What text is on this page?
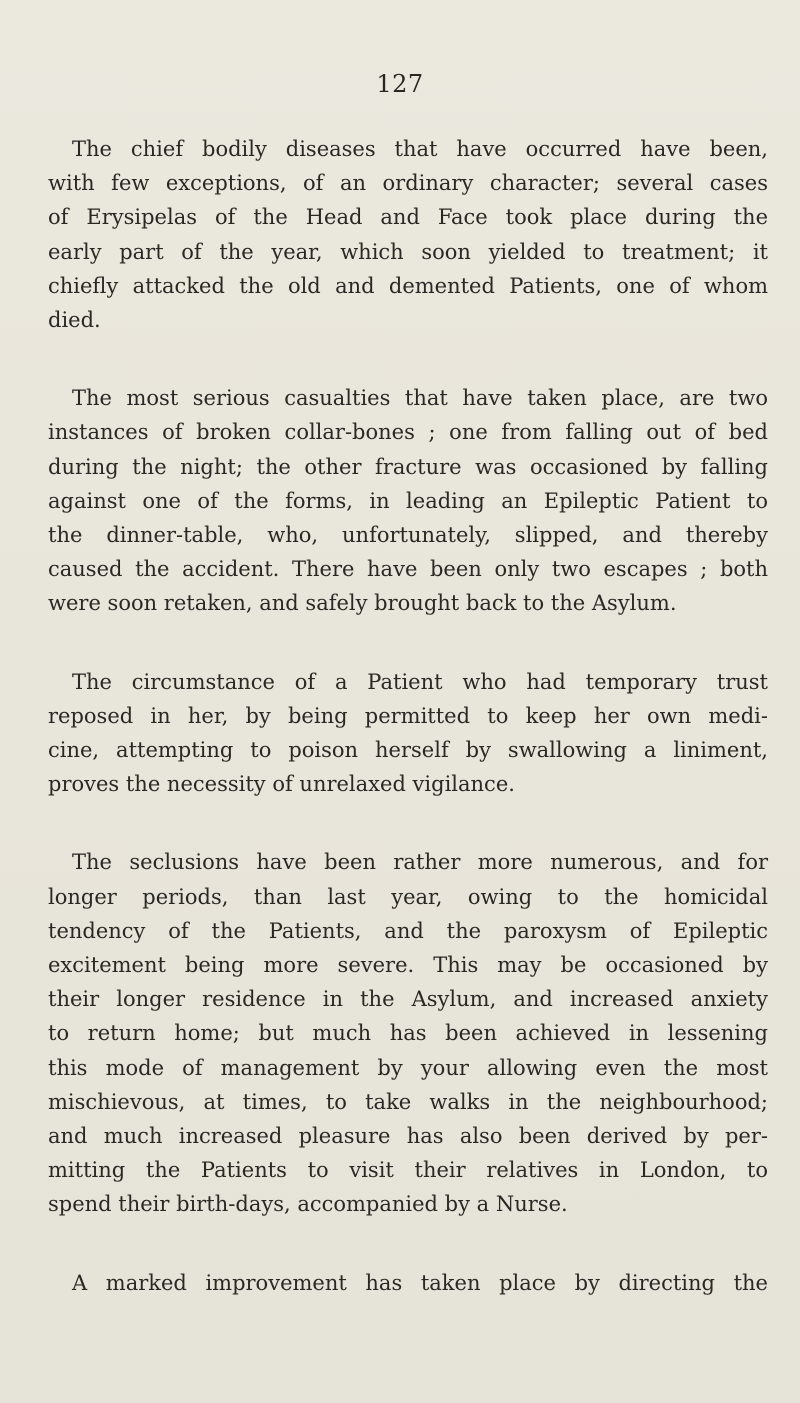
127

The chief bodily diseases that have occurred have been,
with few exceptions, of an ordinary character; several cases
of Erysipelas of the Head and Face took place during the
early part of the year, which soon yielded to treatment; it
chiefly attacked the old and demented Patients, one of whom
died.

The most serious casualties that have taken place, are two
instances of broken collar-bones ; one from falling out of bed
during the night; the other fracture was occasioned by falling
against one of the forms, in leading an Epileptic Patient to
the dinner-table, who, unfortunately, slipped, and thereby
caused the accident. There have been only two escapes ; both
were soon retaken, and safely brought back to the Asylum.

The circumstance of a Patient who had temporary trust
reposed in her, by being permitted to keep her own medi-
cine, attempting to poison herself by swallowing a liniment,
proves the necessity of unrelaxed vigilance.

The seclusions have been rather more numerous, and for
longer periods, than last year, owing to the homicidal
tendency of the Patients, and the paroxysm of Epileptic
excitement being more severe. This may be occasioned by
their longer residence in the Asylum, and increased anxiety
to return home; but much has been achieved in lessening
this mode of management by your allowing even the most
mischievous, at times, to take walks in the neighbourhood;
and much increased pleasure has also been derived by per-
mitting the Patients to visit their relatives in London, to
spend their birth-days, accompanied by a Nurse.

A marked improvement has taken place by directing the
